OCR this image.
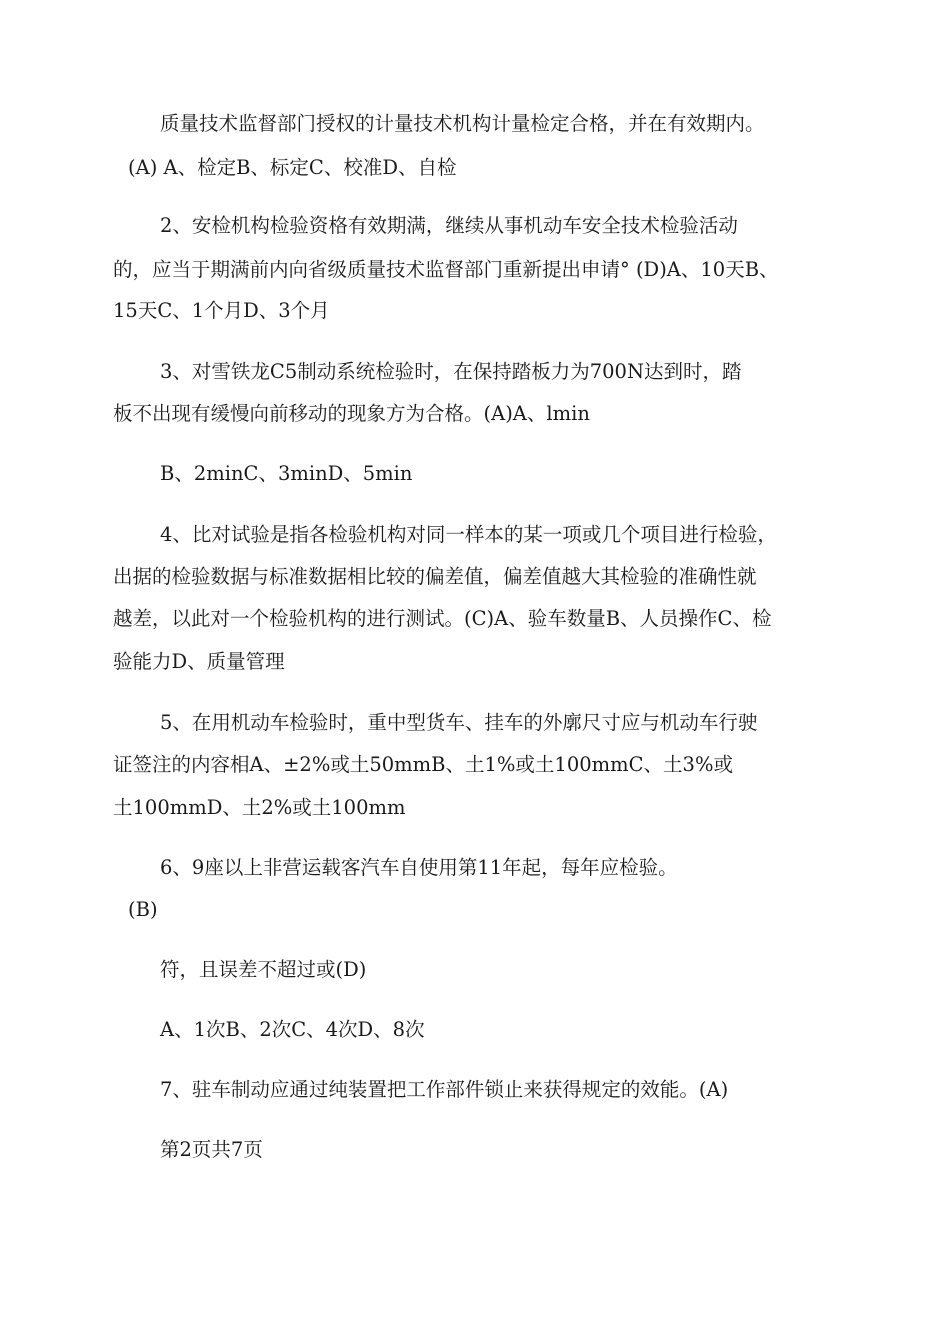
质量技术监督部门授权的计量技术机构计量检定合格，并在有效期内。
(A) A、检定B、标定C、校准D、自检
2、安检机构检验资格有效期满，继续从事机动车安全技术检验活动
的，应当于期满前内向省级质量技术监督部门重新提出申请° (D)A、10天B、
15天C、1个月D、3个月
3、对雪铁龙C5制动系统检验时，在保持踏板力为700N达到时，踏
板不出现有缓慢向前移动的现象方为合格。(A)A、lmin
B、2minC、3minD、5min
4、比对试验是指各检验机构对同一样本的某一项或几个项目进行检验，
出据的检验数据与标准数据相比较的偏差值，偏差值越大其检验的准确性就
越差，以此对一个检验机构的进行测试。(C)A、验车数量B、人员操作C、检
验能力D、质量管理
5、在用机动车检验时，重中型货车、挂车的外廓尺寸应与机动车行驶
证签注的内容相A、±2%或土50mmB、土1%或土100mmC、土3%或
土100mmD、土2%或土100mm
6、9座以上非营运载客汽车自使用第11年起，每年应检验。
(B)
符，且误差不超过或(D)
A、1次B、2次C、4次D、8次
7、驻车制动应通过纯装置把工作部件锁止来获得规定的效能。(A)
第2页共7页
